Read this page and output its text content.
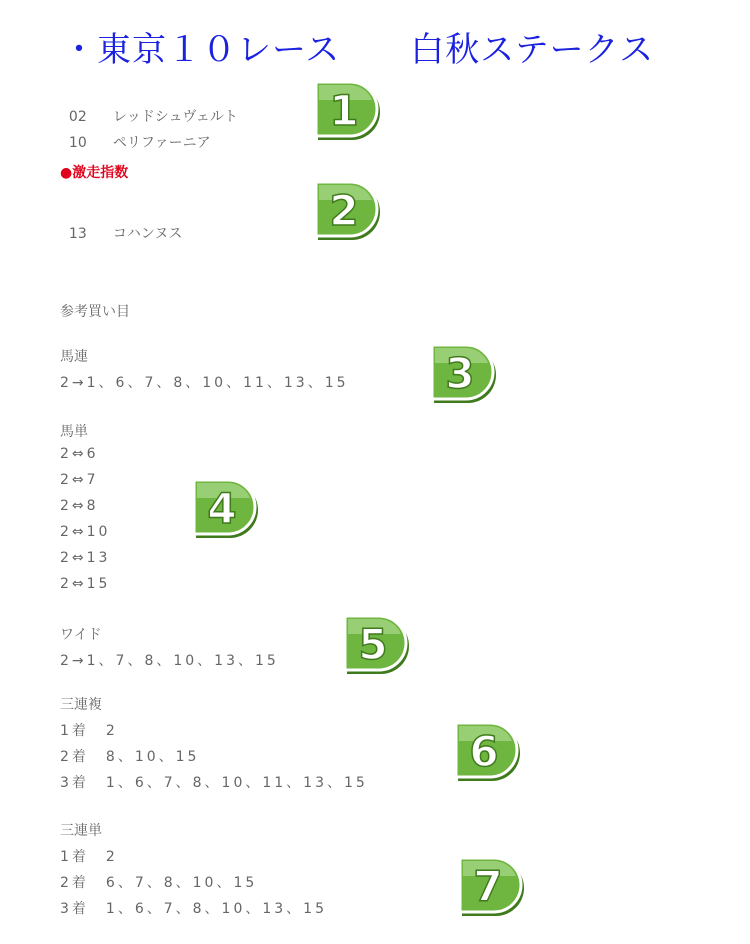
・東京１０レース　　白秋ステークス

02 レッドシュヴェルト

10 ペリファーニア

●激走指数

13 コハンヌス

参考買い目
馬連
2→1、6、7、8、10、11、13、15
馬単
2⇔6
2⇔7
2⇔8
2⇔10
2⇔13
2⇔15
ワイド
2→1、7、8、10、13、15
三連複
1着　2
2着　8、10、15
3着　1、6、7、8、10、11、13、15
三連単
1着　2
2着　6、7、8、10、15
3着　1、6、7、8、10、13、15
1
2
3
4
5
6
7
